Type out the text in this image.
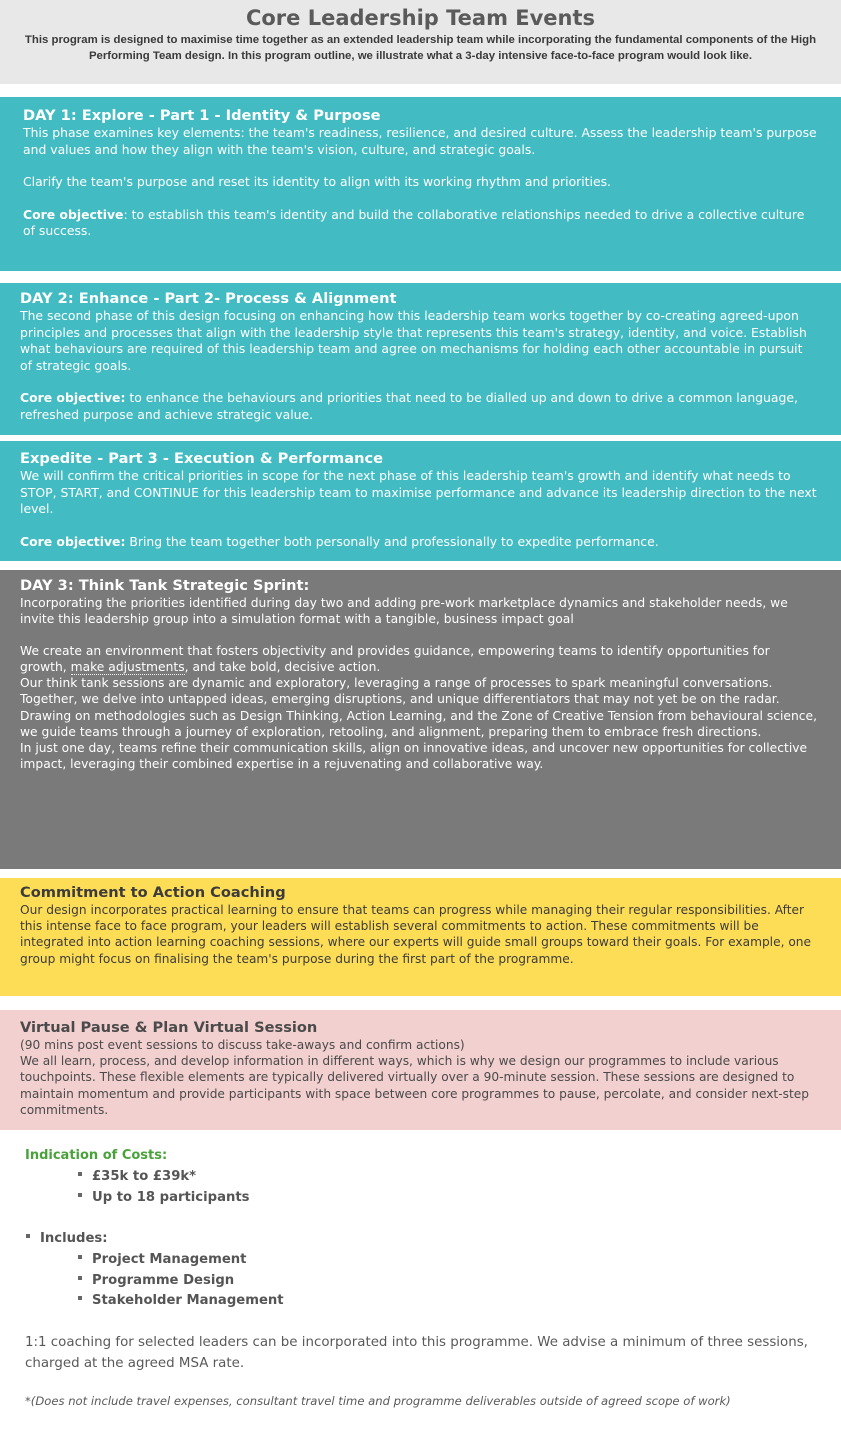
Core Leadership Team Events

This program is designed to maximise time together as an extended leadership team while incorporating the fundamental components of the High Performing Team design. In this program outline, we illustrate what a 3-day intensive face-to-face program would look like.

DAY 1: Explore - Part 1 - Identity & Purpose

This phase examines key elements: the team's readiness, resilience, and desired culture. Assess the leadership team's purpose and values and how they align with the team's vision, culture, and strategic goals.

Clarify the team's purpose and reset its identity to align with its working rhythm and priorities.

Core objective: to establish this team's identity and build the collaborative relationships needed to drive a collective culture of success.

DAY 2: Enhance - Part 2- Process & Alignment

The second phase of this design focusing on enhancing how this leadership team works together by co-creating agreed-upon principles and processes that align with the leadership style that represents this team's strategy, identity, and voice. Establish what behaviours are required of this leadership team and agree on mechanisms for holding each other accountable in pursuit of strategic goals.

Core objective: to enhance the behaviours and priorities that need to be dialled up and down to drive a common language, refreshed purpose and achieve strategic value.

Expedite - Part 3 - Execution & Performance

We will confirm the critical priorities in scope for the next phase of this leadership team's growth and identify what needs to STOP, START, and CONTINUE for this leadership team to maximise performance and advance its leadership direction to the next level.

Core objective: Bring the team together both personally and professionally to expedite performance.

DAY 3: Think Tank Strategic Sprint:

Incorporating the priorities identified during day two and adding pre-work marketplace dynamics and stakeholder needs, we invite this leadership group into a simulation format with a tangible, business impact goal

We create an environment that fosters objectivity and provides guidance, empowering teams to identify opportunities for growth, make adjustments, and take bold, decisive action.

Our think tank sessions are dynamic and exploratory, leveraging a range of processes to spark meaningful conversations. Together, we delve into untapped ideas, emerging disruptions, and unique differentiators that may not yet be on the radar.

Drawing on methodologies such as Design Thinking, Action Learning, and the Zone of Creative Tension from behavioural science, we guide teams through a journey of exploration, retooling, and alignment, preparing them to embrace fresh directions.

In just one day, teams refine their communication skills, align on innovative ideas, and uncover new opportunities for collective impact, leveraging their combined expertise in a rejuvenating and collaborative way.

Commitment to Action Coaching

Our design incorporates practical learning to ensure that teams can progress while managing their regular responsibilities. After this intense face to face program, your leaders will establish several commitments to action. These commitments will be integrated into action learning coaching sessions, where our experts will guide small groups toward their goals. For example, one group might focus on finalising the team's purpose during the first part of the programme.

Virtual Pause & Plan Virtual Session

(90 mins post event sessions to discuss take-aways and confirm actions)

We all learn, process, and develop information in different ways, which is why we design our programmes to include various touchpoints. These flexible elements are typically delivered virtually over a 90-minute session. These sessions are designed to maintain momentum and provide participants with space between core programmes to pause, percolate, and consider next-step commitments.

Indication of Costs:
£35k to £39k*
Up to 18 participants
Includes:
Project Management
Programme Design
Stakeholder Management
1:1 coaching for selected leaders can be incorporated into this programme. We advise a minimum of three sessions, charged at the agreed MSA rate.
*(Does not include travel expenses, consultant travel time and programme deliverables outside of agreed scope of work)
